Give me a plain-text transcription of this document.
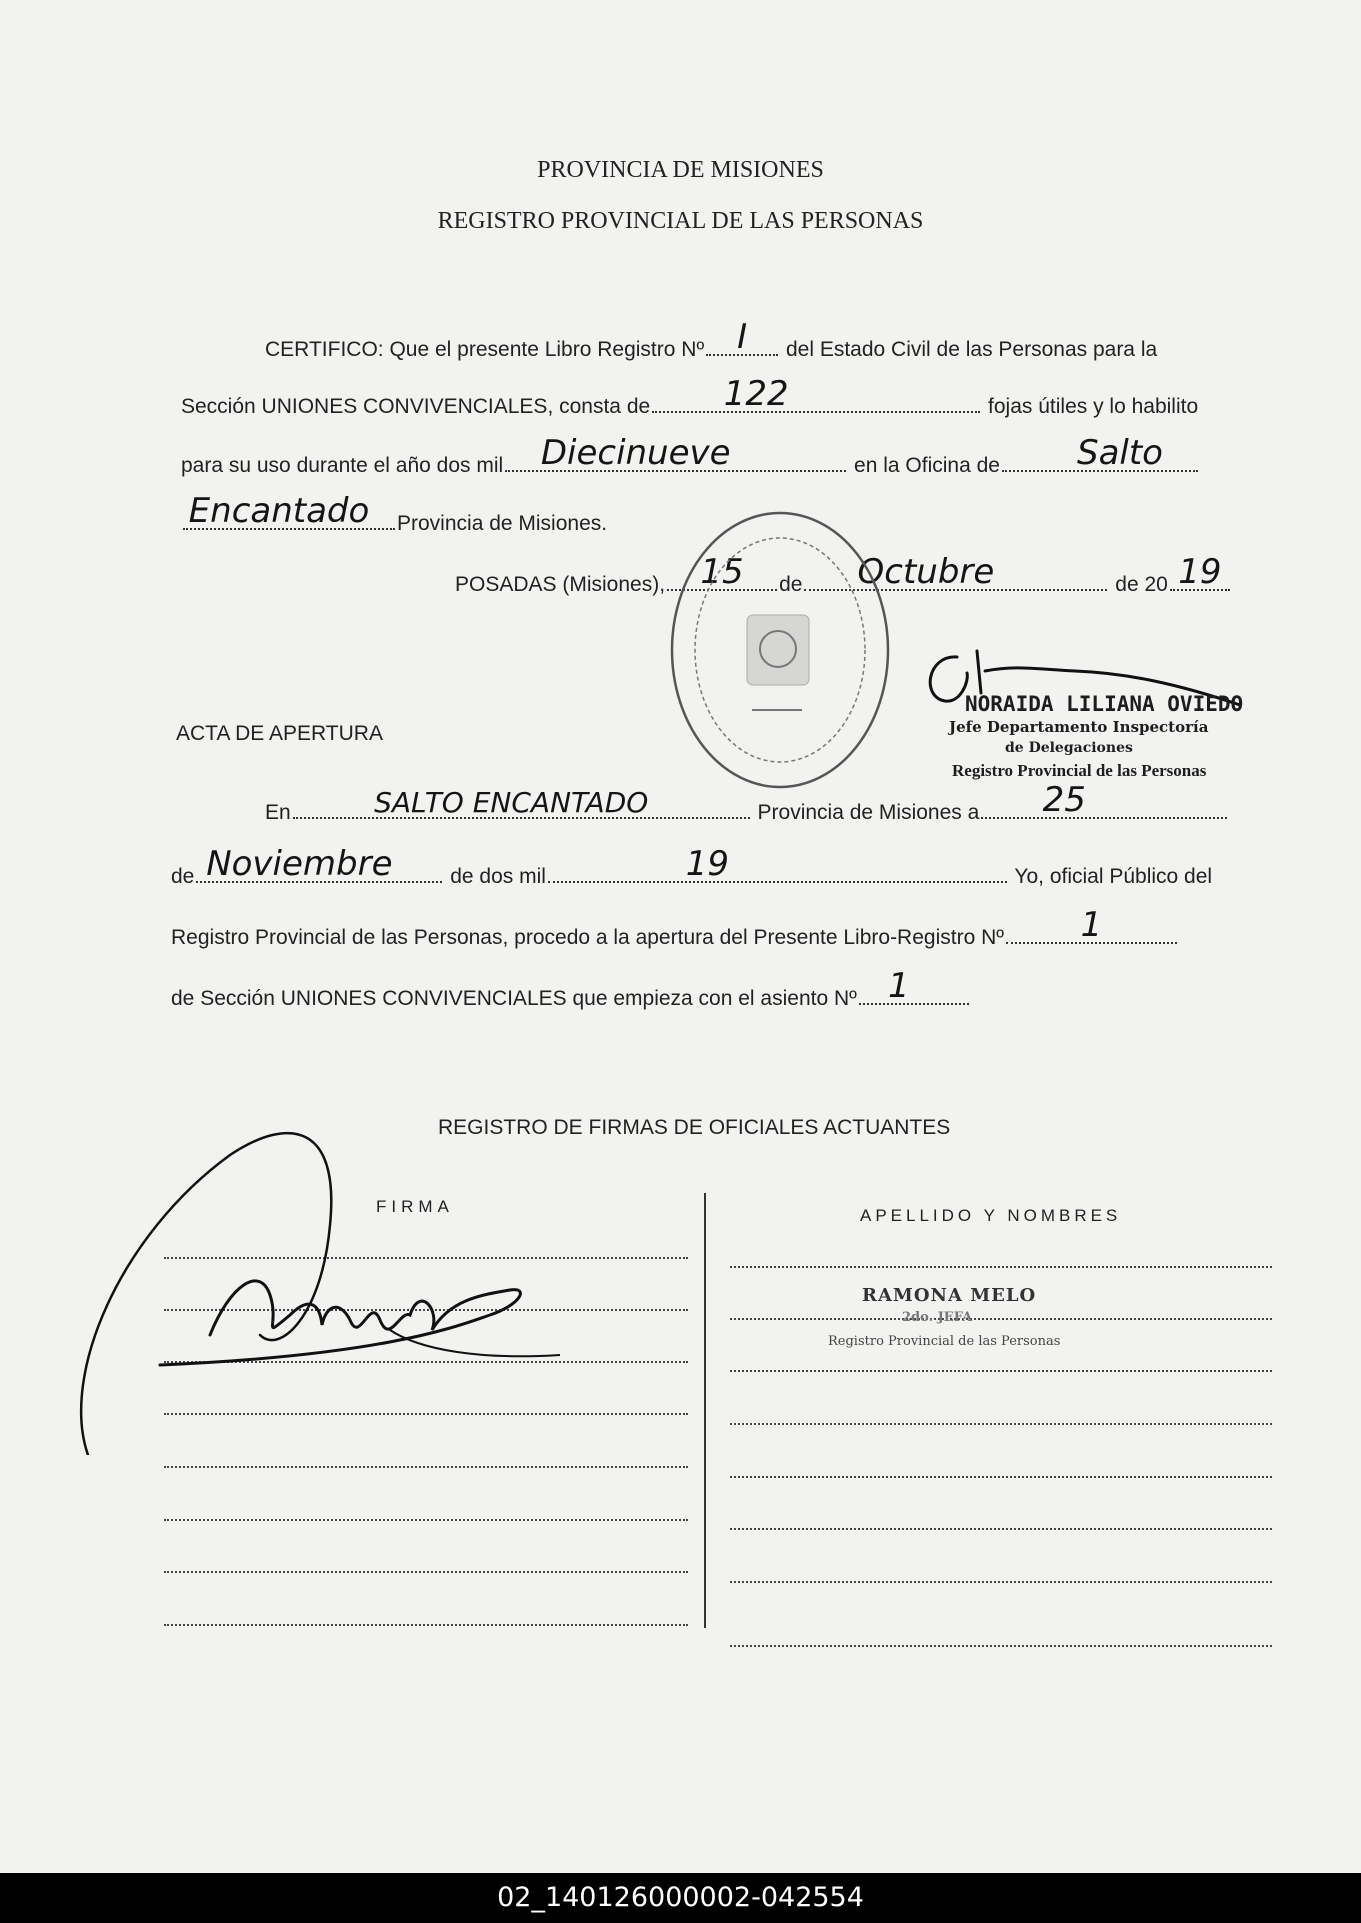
PROVINCIA DE MISIONES
REGISTRO PROVINCIAL DE LAS PERSONAS
CERTIFICO: Que el presente Libro Registro Nº I	del Estado Civil de las Personas para la
Sección UNIONES CONVIVENCIALES, consta de	122	fojas útiles y lo habilito
para su uso durante el año dos mil	Diecinueve	en la Oficina de	Salto
Encantado	Provincia de Misiones.
POSADAS (Misiones),	15	de	Octubre	de 20 19
NORAIDA LILIANA OVIEDO
Jefe Departamento Inspectoría
de Delegaciones
Registro Provincial de las Personas
ACTA DE APERTURA
En	SALTO ENCANTADO	Provincia de Misiones a	25
de Noviembre	de dos mil	19	Yo, oficial Público del
Registro Provincial de las Personas, procedo a la apertura del Presente Libro-Registro Nº	1
de Sección UNIONES CONVIVENCIALES que empieza con el asiento Nº 1
REGISTRO DE FIRMAS DE OFICIALES ACTUANTES
FIRMA	APELLIDO Y NOMBRES
RAMONA MELO
2do. JEFA
Registro Provincial de las Personas
02_140126000002-042554
